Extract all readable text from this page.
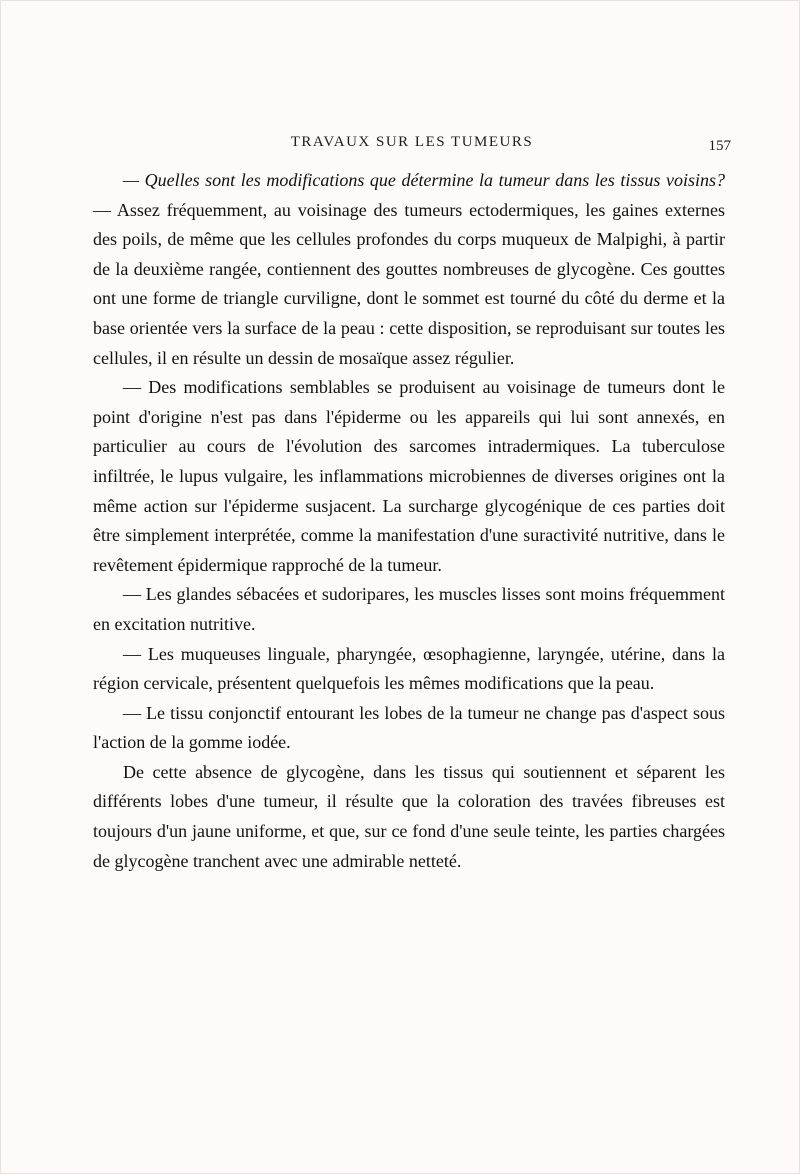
TRAVAUX SUR LES TUMEURS	157

— Quelles sont les modifications que détermine la tumeur dans les tissus voisins? — Assez fréquemment, au voisinage des tumeurs ectodermiques, les gaines externes des poils, de même que les cellules profondes du corps muqueux de Malpighi, à partir de la deuxième rangée, contiennent des gouttes nombreuses de glycogène. Ces gouttes ont une forme de triangle curviligne, dont le sommet est tourné du côté du derme et la base orientée vers la surface de la peau : cette disposition, se reproduisant sur toutes les cellules, il en résulte un dessin de mosaïque assez régulier.

— Des modifications semblables se produisent au voisinage de tumeurs dont le point d'origine n'est pas dans l'épiderme ou les appareils qui lui sont annexés, en particulier au cours de l'évolution des sarcomes intradermiques. La tuberculose infiltrée, le lupus vulgaire, les inflammations microbiennes de diverses origines ont la même action sur l'épiderme susjacent. La surcharge glycogénique de ces parties doit être simplement interprétée, comme la manifestation d'une suractivité nutritive, dans le revêtement épidermique rapproché de la tumeur.

— Les glandes sébacées et sudoripares, les muscles lisses sont moins fréquemment en excitation nutritive.

— Les muqueuses linguale, pharyngée, œsophagienne, laryngée, utérine, dans la région cervicale, présentent quelquefois les mêmes modifications que la peau.

— Le tissu conjonctif entourant les lobes de la tumeur ne change pas d'aspect sous l'action de la gomme iodée.

De cette absence de glycogène, dans les tissus qui soutiennent et séparent les différents lobes d'une tumeur, il résulte que la coloration des travées fibreuses est toujours d'un jaune uniforme, et que, sur ce fond d'une seule teinte, les parties chargées de glycogène tranchent avec une admirable netteté.
